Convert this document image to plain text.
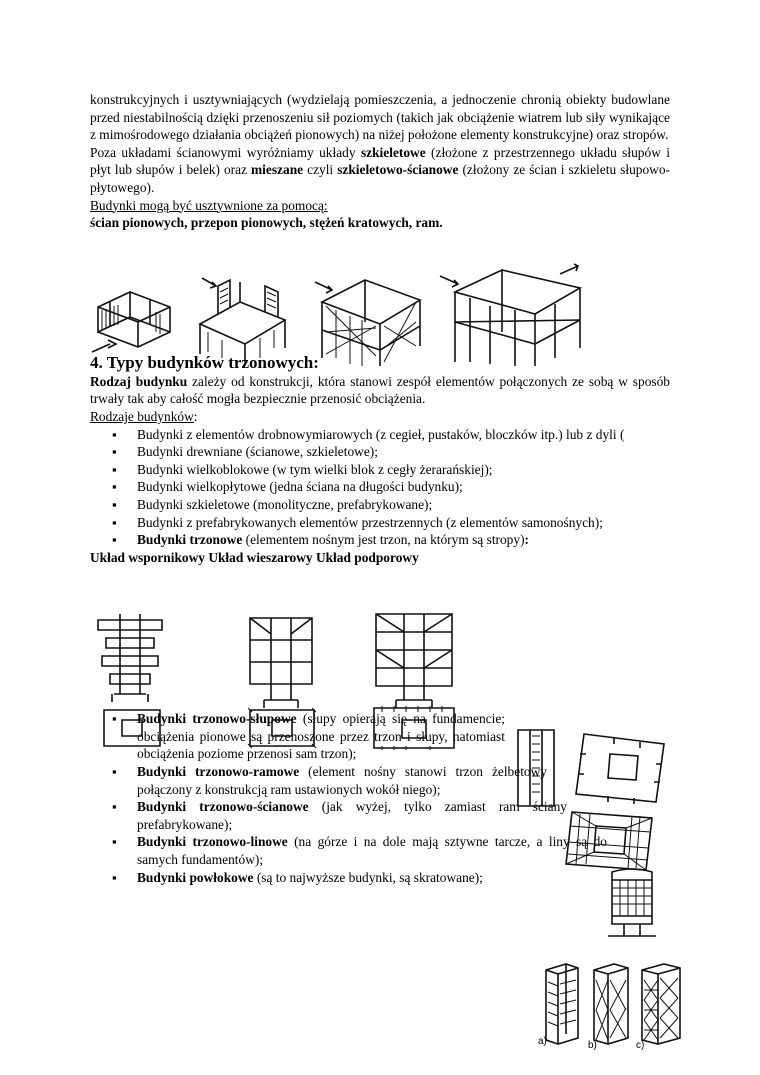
konstrukcyjnych i usztywniających (wydzielają pomieszczenia, a jednoczenie chronią obiekty budowlane przed niestabilnością dzięki przenoszeniu sił poziomych (takich jak obciążenie wiatrem lub siły wynikające z mimośrodowego działania obciążeń pionowych) na niżej położone elementy konstrukcyjne) oraz stropów.

Poza układami ścianowymi wyróżniamy układy szkieletowe (złożone z przestrzennego układu słupów i płyt lub słupów i belek) oraz mieszane czyli szkieletowo-ścianowe (złożony ze ścian i szkieletu słupowo-płytowego).

Budynki mogą być usztywnione za pomocą:

ścian pionowych, przepon pionowych, stężeń kratowych, ram.

4. Typy budynków trzonowych:

Rodzaj budynku zależy od konstrukcji, która stanowi zespół elementów połączonych ze sobą w sposób trwały tak aby całość mogła bezpiecznie przenosić obciążenia.

Rodzaje budynków:

▪ Budynki z elementów drobnowymiarowych (z cegieł, pustaków, bloczków itp.) lub z dyli (
▪ Budynki drewniane (ścianowe, szkieletowe);
▪ Budynki wielkoblokowe (w tym wielki blok z cegły żerarańskiej);
▪ Budynki wielkopłytowe (jedna ściana na długości budynku);
▪ Budynki szkieletowe (monolityczne, prefabrykowane);
▪ Budynki z prefabrykowanych elementów przestrzennych (z elementów samonośnych);
▪ Budynki trzonowe (elementem nośnym jest trzon, na którym są stropy):

Układ wspornikowy Układ wieszarowy Układ podporowy

▪ Budynki trzonowo-słupowe (słupy opierają się na fundamencie; obciążenia pionowe są przenoszone przez trzon i słupy, natomiast obciążenia poziome przenosi sam trzon);
▪ Budynki trzonowo-ramowe (element nośny stanowi trzon żelbetowy połączony z konstrukcją ram ustawionych wokół niego);
▪ Budynki trzonowo-ścianowe (jak wyżej, tylko zamiast ram ściany prefabrykowane);
▪ Budynki trzonowo-linowe (na górze i na dole mają sztywne tarcze, a liny są do samych fundamentów);
▪ Budynki powłokowe (są to najwyższe budynki, są skratowane);
a)	b)	c)
